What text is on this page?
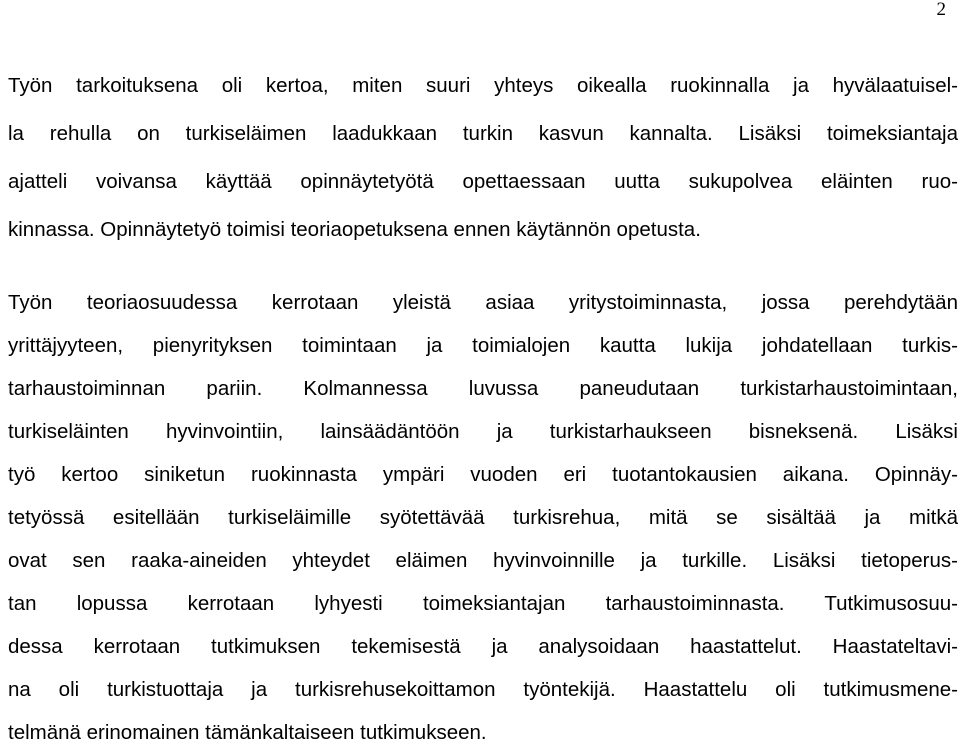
2
Työn tarkoituksena oli kertoa, miten suuri yhteys oikealla ruokinnalla ja hyvälaatuisel-
la rehulla on turkiseläimen laadukkaan turkin kasvun kannalta. Lisäksi toimeksiantaja
ajatteli voivansa käyttää opinnäytetyötä opettaessaan uutta sukupolvea eläinten ruo-
kinnassa. Opinnäytetyö toimisi teoriaopetuksena ennen käytännön opetusta.
Työn teoriaosuudessa kerrotaan yleistä asiaa yritystoiminnasta, jossa perehdytään
yrittäjyyteen, pienyrityksen toimintaan ja toimialojen kautta lukija johdatellaan turkis-
tarhaustoiminnan pariin. Kolmannessa luvussa paneudutaan turkistarhaustoimintaan,
turkiseläinten hyvinvointiin, lainsäädäntöön ja turkistarhaukseen bisneksenä. Lisäksi
työ kertoo siniketun ruokinnasta ympäri vuoden eri tuotantokausien aikana. Opinnäy-
tetyössä esitellään turkiseläimille syötettävää turkisrehua, mitä se sisältää ja mitkä
ovat sen raaka-aineiden yhteydet eläimen hyvinvoinnille ja turkille. Lisäksi tietoperus-
tan lopussa kerrotaan lyhyesti toimeksiantajan tarhaustoiminnasta. Tutkimusosuu-
dessa kerrotaan tutkimuksen tekemisestä ja analysoidaan haastattelut. Haastateltavi-
na oli turkistuottaja ja turkisrehusekoittamon työntekijä. Haastattelu oli tutkimusmene-
telmänä erinomainen tämänkaltaiseen tutkimukseen.
